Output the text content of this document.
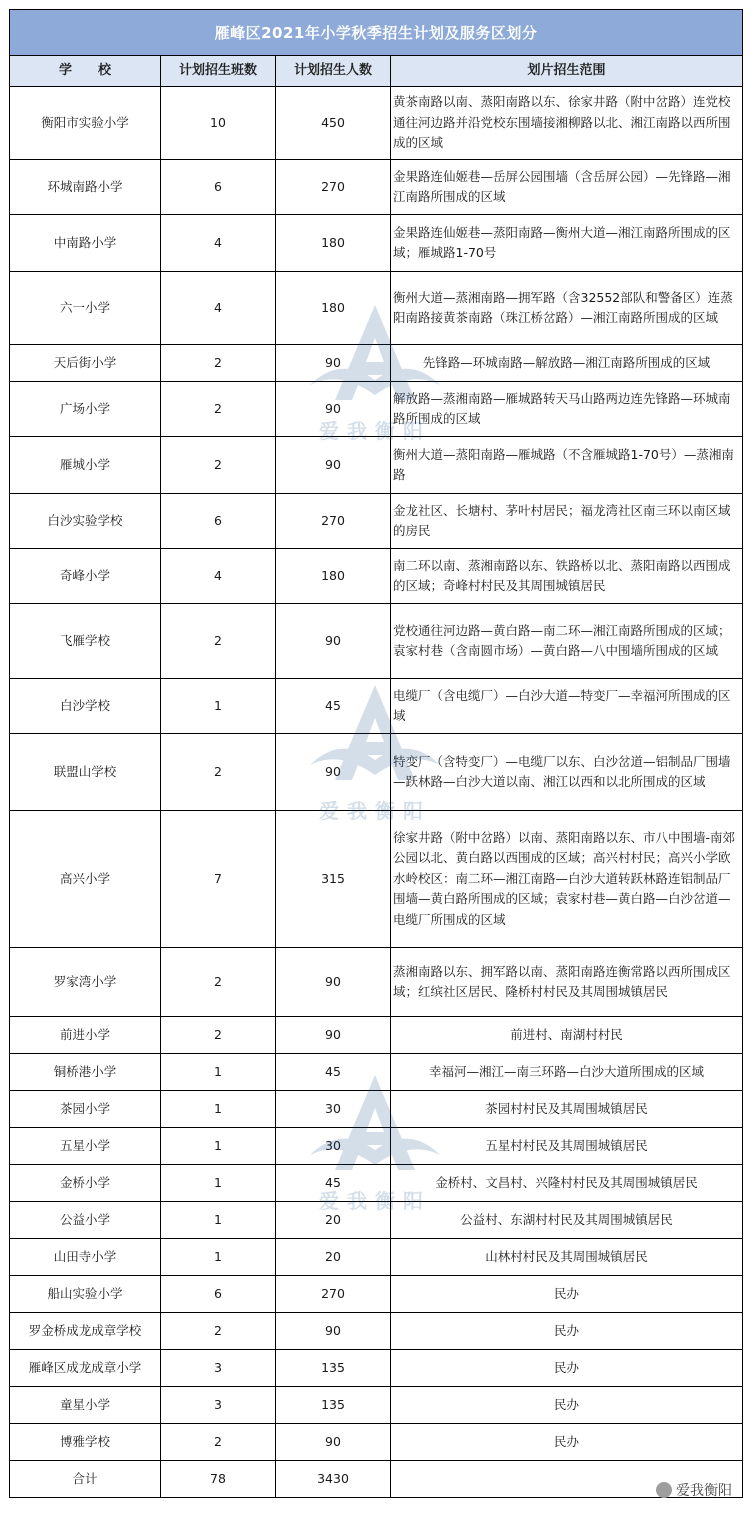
雁峰区2021年小学秋季招生计划及服务区划分			
学　　校	计划招生班数	计划招生人数	划片招生范围
衡阳市实验小学	10	450	黄茶南路以南、蒸阳南路以东、徐家井路（附中岔路）连党校通往河边路并沿党校东围墙接湘柳路以北、湘江南路以西所围成的区域
环城南路小学	6	270	金果路连仙姬巷—岳屏公园围墙（含岳屏公园）—先锋路—湘江南路所围成的区域
中南路小学	4	180	金果路连仙姬巷—蒸阳南路—衡州大道—湘江南路所围成的区域；雁城路1-70号
六一小学	4	180	衡州大道—蒸湘南路—拥军路（含32552部队和警备区）连蒸阳南路接黄茶南路（珠江桥岔路）—湘江南路所围成的区域
天后街小学	2	90	先锋路—环城南路—解放路—湘江南路所围成的区域
广场小学	2	90	解放路—蒸湘南路—雁城路转天马山路两边连先锋路—环城南路所围成的区域
雁城小学	2	90	衡州大道—蒸阳南路—雁城路（不含雁城路1-70号）—蒸湘南路
白沙实验学校	6	270	金龙社区、长塘村、茅叶村居民；福龙湾社区南三环以南区域的房民
奇峰小学	4	180	南二环以南、蒸湘南路以东、铁路桥以北、蒸阳南路以西围成的区域；奇峰村村民及其周围城镇居民
飞雁学校	2	90	党校通往河边路—黄白路—南二环—湘江南路所围成的区域；袁家村巷（含南圆市场）—黄白路—八中围墙所围成的区域
白沙学校	1	45	电缆厂（含电缆厂）—白沙大道—特变厂—幸福河所围成的区域
联盟山学校	2	90	特变厂（含特变厂）—电缆厂以东、白沙岔道—铝制品厂围墙—跃林路—白沙大道以南、湘江以西和以北所围成的区域
高兴小学	7	315	徐家井路（附中岔路）以南、蒸阳南路以东、市八中围墙-南郊公园以北、黄白路以西围成的区域；高兴村村民；高兴小学欧水岭校区：南二环—湘江南路—白沙大道转跃林路连铝制品厂围墙—黄白路所围成的区域；袁家村巷—黄白路—白沙岔道—电缆厂所围成的区域
罗家湾小学	2	90	蒸湘南路以东、拥军路以南、蒸阳南路连衡常路以西所围成区域；红缤社区居民、隆桥村村民及其周围城镇居民
前进小学	2	90	前进村、南湖村村民
铜桥港小学	1	45	幸福河—湘江—南三环路—白沙大道所围成的区域
茶园小学	1	30	茶园村村民及其周围城镇居民
五星小学	1	30	五星村村民及其周围城镇居民
金桥小学	1	45	金桥村、文昌村、兴隆村村民及其周围城镇居民
公益小学	1	20	公益村、东湖村村民及其周围城镇居民
山田寺小学	1	20	山林村村民及其周围城镇居民
船山实验小学	6	270	民办
罗金桥成龙成章学校	2	90	民办
雁峰区成龙成章小学	3	135	民办
童星小学	3	135	民办
博雅学校	2	90	民办
合计	78	3430	
爱我衡阳
爱我衡阳
爱我衡阳
爱我衡阳
